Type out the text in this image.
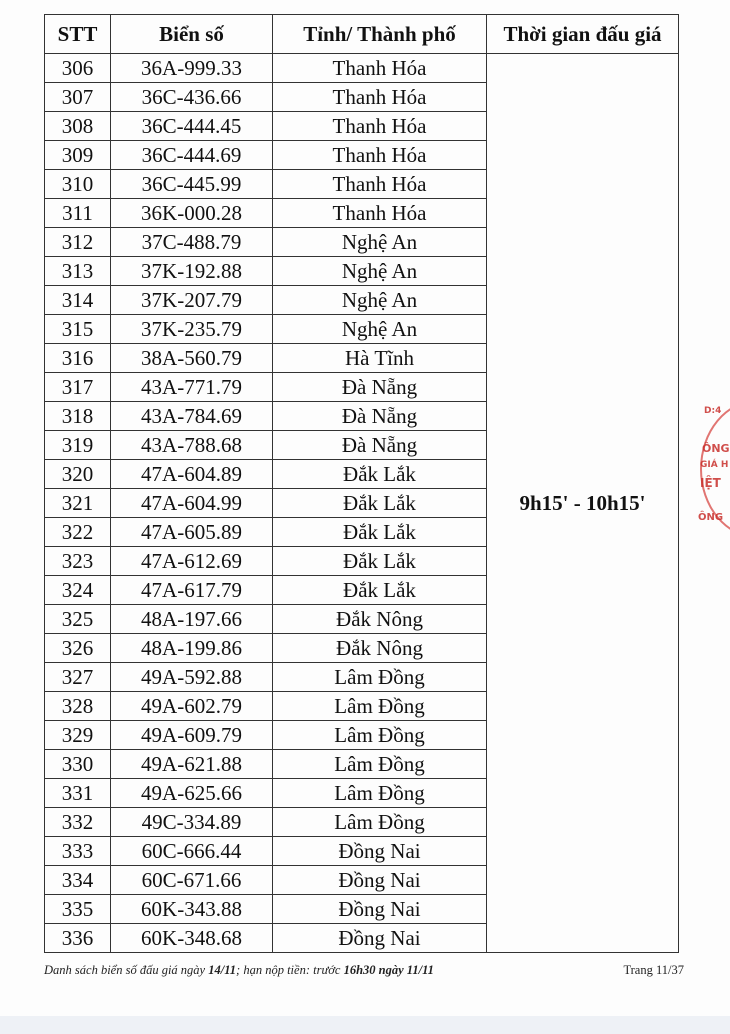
STT	Biển số	Tỉnh/ Thành phố	Thời gian đấu giá
306	36A-999.33	Thanh Hóa	9h15' - 10h15'
307	36C-436.66	Thanh Hóa	
308	36C-444.45	Thanh Hóa	
309	36C-444.69	Thanh Hóa	
310	36C-445.99	Thanh Hóa	
311	36K-000.28	Thanh Hóa	
312	37C-488.79	Nghệ An	
313	37K-192.88	Nghệ An	
314	37K-207.79	Nghệ An	
315	37K-235.79	Nghệ An	
316	38A-560.79	Hà Tĩnh	
317	43A-771.79	Đà Nẵng	
318	43A-784.69	Đà Nẵng	
319	43A-788.68	Đà Nẵng	
320	47A-604.89	Đắk Lắk	
321	47A-604.99	Đắk Lắk	
322	47A-605.89	Đắk Lắk	
323	47A-612.69	Đắk Lắk	
324	47A-617.79	Đắk Lắk	
325	48A-197.66	Đắk Nông	
326	48A-199.86	Đắk Nông	
327	49A-592.88	Lâm Đồng	
328	49A-602.79	Lâm Đồng	
329	49A-609.79	Lâm Đồng	
330	49A-621.88	Lâm Đồng	
331	49A-625.66	Lâm Đồng	
332	49C-334.89	Lâm Đồng	
333	60C-666.44	Đồng Nai	
334	60C-671.66	Đồng Nai	
335	60K-343.88	Đồng Nai	
336	60K-348.68	Đồng Nai	
Danh sách biển số đấu giá ngày 14/11; hạn nộp tiền: trước 16h30 ngày 11/11	Trang 11/37
D:4
ÔNG
GIÁ H
IỆT
ÔNG
